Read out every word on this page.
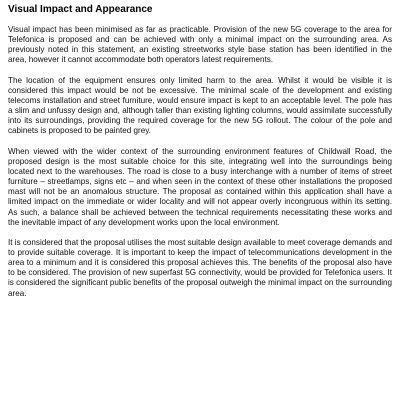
Visual Impact and Appearance

Visual impact has been minimised as far as practicable. Provision of the new 5G coverage to the area for Telefonica is proposed and can be achieved with only a minimal impact on the surrounding area. As previously noted in this statement, an existing streetworks style base station has been identified in the area, however it cannot accommodate both operators latest requirements.

The location of the equipment ensures only limited harm to the area. Whilst it would be visible it is considered this impact would be not be excessive. The minimal scale of the development and existing telecoms installation and street furniture, would ensure impact is kept to an acceptable level. The pole has a slim and unfussy design and, although taller than existing lighting columns, would assimilate successfully into its surroundings, providing the required coverage for the new 5G rollout. The colour of the pole and cabinets is proposed to be painted grey.

When viewed with the wider context of the surrounding environment features of Childwall Road, the proposed design is the most suitable choice for this site, integrating well into the surroundings being located next to the warehouses. The road is close to a busy interchange with a number of items of street furniture – streetlamps, signs etc – and when seen in the context of these other installations the proposed mast will not be an anomalous structure. The proposal as contained within this application shall have a limited impact on the immediate or wider locality and will not appear overly incongruous within its setting. As such, a balance shall be achieved between the technical requirements necessitating these works and the inevitable impact of any development works upon the local environment.

It is considered that the proposal utilises the most suitable design available to meet coverage demands and to provide suitable coverage. It is important to keep the impact of telecommunications development in the area to a minimum and it is considered this proposal achieves this. The benefits of the proposal also have to be considered. The provision of new superfast 5G connectivity, would be provided for Telefonica users. It is considered the significant public benefits of the proposal outweigh the minimal impact on the surrounding area.
